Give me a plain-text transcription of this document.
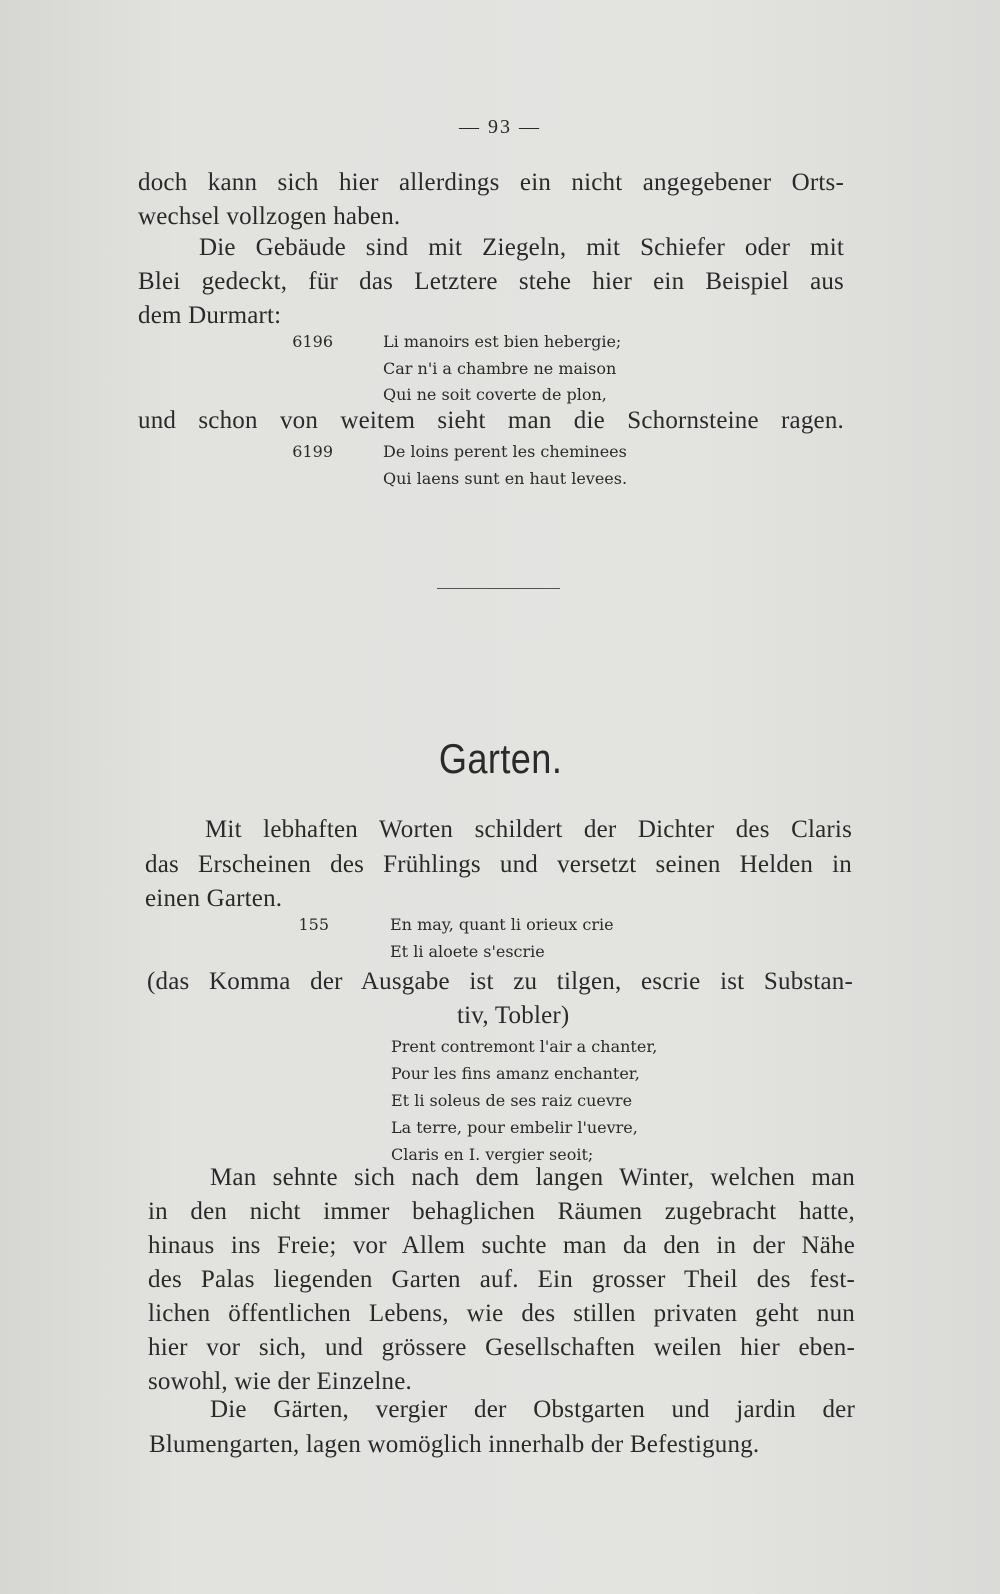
— 93 —
doch kann sich hier allerdings ein nicht angegebener Orts-
wechsel vollzogen haben.
Die Gebäude sind mit Ziegeln, mit Schiefer oder mit
Blei gedeckt, für das Letztere stehe hier ein Beispiel aus
dem Durmart:
6196	Li manoirs est bien hebergie;
Car n'i a chambre ne maison
Qui ne soit coverte de plon,
und schon von weitem sieht man die Schornsteine ragen.
6199	De loins perent les cheminees
Qui laens sunt en haut levees.
Garten.
Mit lebhaften Worten schildert der Dichter des Claris
das Erscheinen des Frühlings und versetzt seinen Helden in
einen Garten.
155	En may, quant li orieux crie
Et li aloete s'escrie
(das Komma der Ausgabe ist zu tilgen, escrie ist Substan-
tiv, Tobler)
Prent contremont l'air a chanter,
Pour les fins amanz enchanter,
Et li soleus de ses raiz cuevre
La terre, pour embelir l'uevre,
Claris en I. vergier seoit;
Man sehnte sich nach dem langen Winter, welchen man
in den nicht immer behaglichen Räumen zugebracht hatte,
hinaus ins Freie; vor Allem suchte man da den in der Nähe
des Palas liegenden Garten auf. Ein grosser Theil des fest-
lichen öffentlichen Lebens, wie des stillen privaten geht nun
hier vor sich, und grössere Gesellschaften weilen hier eben-
sowohl, wie der Einzelne.
Die Gärten, vergier der Obstgarten und jardin der
Blumengarten, lagen womöglich innerhalb der Befestigung.
